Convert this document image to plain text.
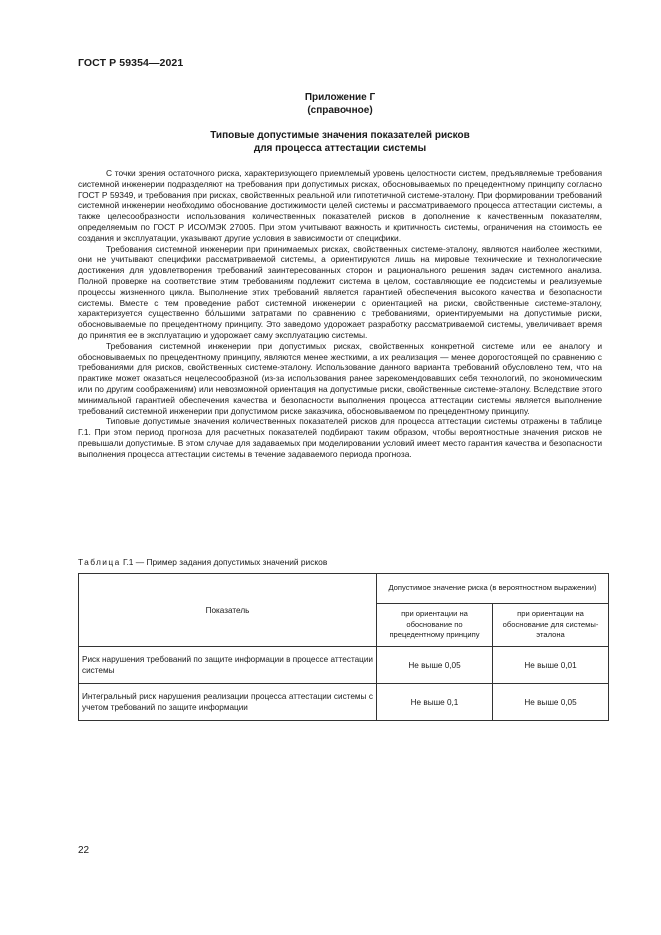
ГОСТ Р 59354—2021
Приложение Г
(справочное)
Типовые допустимые значения показателей рисков
для процесса аттестации системы

С точки зрения остаточного риска, характеризующего приемлемый уровень целостности систем, предъявляемые требования системной инженерии подразделяют на требования при допустимых рисках, обосновываемых по прецедентному принципу согласно ГОСТ Р 59349, и требования при рисках, свойственных реальной или гипотетичной системе-эталону. При формировании требований системной инженерии необходимо обоснование достижимости целей системы и рассматриваемого процесса аттестации системы, а также целесообразности использования количественных показателей рисков в дополнение к качественным показателям, определяемым по ГОСТ Р ИСО/МЭК 27005. При этом учитывают важность и критичность системы, ограничения на стоимость ее создания и эксплуатации, указывают другие условия в зависимости от специфики.

Требования системной инженерии при принимаемых рисках, свойственных системе-эталону, являются наиболее жесткими, они не учитывают специфики рассматриваемой системы, а ориентируются лишь на мировые технические и технологические достижения для удовлетворения требований заинтересованных сторон и рационального решения задач системного анализа. Полной проверке на соответствие этим требованиям подлежит система в целом, составляющие ее подсистемы и реализуемые процессы жизненного цикла. Выполнение этих требований является гарантией обеспечения высокого качества и безопасности системы. Вместе с тем проведение работ системной инженерии с ориентацией на риски, свойственные системе-эталону, характеризуется существенно бо́льшими затратами по сравнению с требованиями, ориентируемыми на допустимые риски, обосновываемые по прецедентному принципу. Это заведомо удорожает разработку рассматриваемой системы, увеличивает время до принятия ее в эксплуатацию и удорожает саму эксплуатацию системы.

Требования системной инженерии при допустимых рисках, свойственных конкретной системе или ее аналогу и обосновываемых по прецедентному принципу, являются менее жесткими, а их реализация — менее дорогостоящей по сравнению с требованиями для рисков, свойственных системе-эталону. Использование данного варианта требований обусловлено тем, что на практике может оказаться нецелесообразной (из-за использования ранее зарекомендовавших себя технологий, по экономическим или по другим соображениям) или невозможной ориентация на допустимые риски, свойственные системе-эталону. Вследствие этого минимальной гарантией обеспечения качества и безопасности выполнения процесса аттестации системы является выполнение требований системной инженерии при допустимом риске заказчика, обосновываемом по прецедентному принципу.

Типовые допустимые значения количественных показателей рисков для процесса аттестации системы отражены в таблице Г.1. При этом период прогноза для расчетных показателей подбирают таким образом, чтобы вероятностные значения рисков не превышали допустимые. В этом случае для задаваемых при моделировании условий имеет место гарантия качества и безопасности выполнения процесса аттестации системы в течение задаваемого периода прогноза.

Таблица Г.1 — Пример задания допустимых значений рисков
Показатель	Допустимое значение риска (в вероятностном выражении)	
	при ориентации на обоснование по прецедентному принципу	при ориентации на обоснование для системы-эталона
Риск нарушения требований по защите информации в процессе аттестации системы	Не выше 0,05	Не выше 0,01
Интегральный риск нарушения реализации процесса аттестации системы с учетом требований по защите информации	Не выше 0,1	Не выше 0,05
22
